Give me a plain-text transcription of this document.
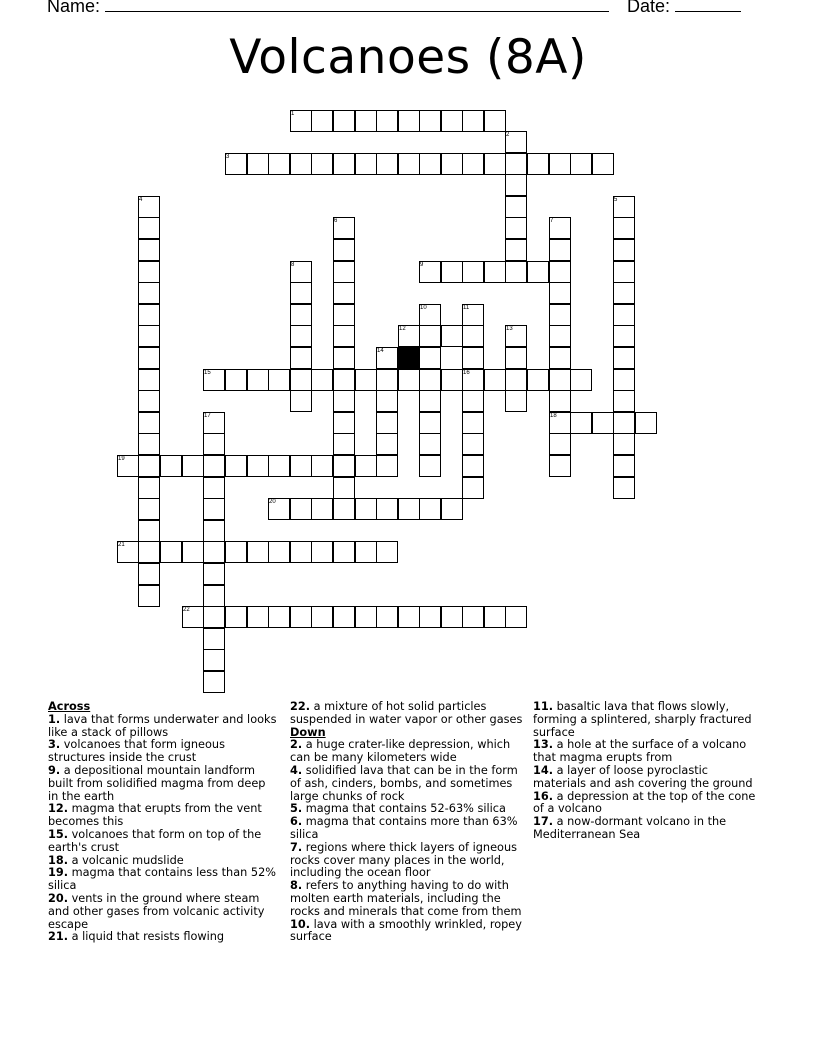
Name:	Date:
Volcanoes (8A)
1
2
3
4	5
6	7
8	9
10	11
12	13
14
15	16
17	18
19
20
21
22
Across
1. lava that forms underwater and looks like a stack of pillows
3. volcanoes that form igneous structures inside the crust
9. a depositional mountain landform built from solidified magma from deep in the earth
12. magma that erupts from the vent becomes this
15. volcanoes that form on top of the earth's crust
18. a volcanic mudslide
19. magma that contains less than 52% silica
20. vents in the ground where steam and other gases from volcanic activity escape
21. a liquid that resists flowing
22. a mixture of hot solid particles suspended in water vapor or other gases
Down
2. a huge crater-like depression, which can be many kilometers wide
4. solidified lava that can be in the form of ash, cinders, bombs, and sometimes large chunks of rock
5. magma that contains 52-63% silica
6. magma that contains more than 63% silica
7. regions where thick layers of igneous rocks cover many places in the world, including the ocean floor
8. refers to anything having to do with molten earth materials, including the rocks and minerals that come from them
10. lava with a smoothly wrinkled, ropey surface
11. basaltic lava that flows slowly, forming a splintered, sharply fractured surface
13. a hole at the surface of a volcano that magma erupts from
14. a layer of loose pyroclastic materials and ash covering the ground
16. a depression at the top of the cone of a volcano
17. a now-dormant volcano in the Mediterranean Sea
